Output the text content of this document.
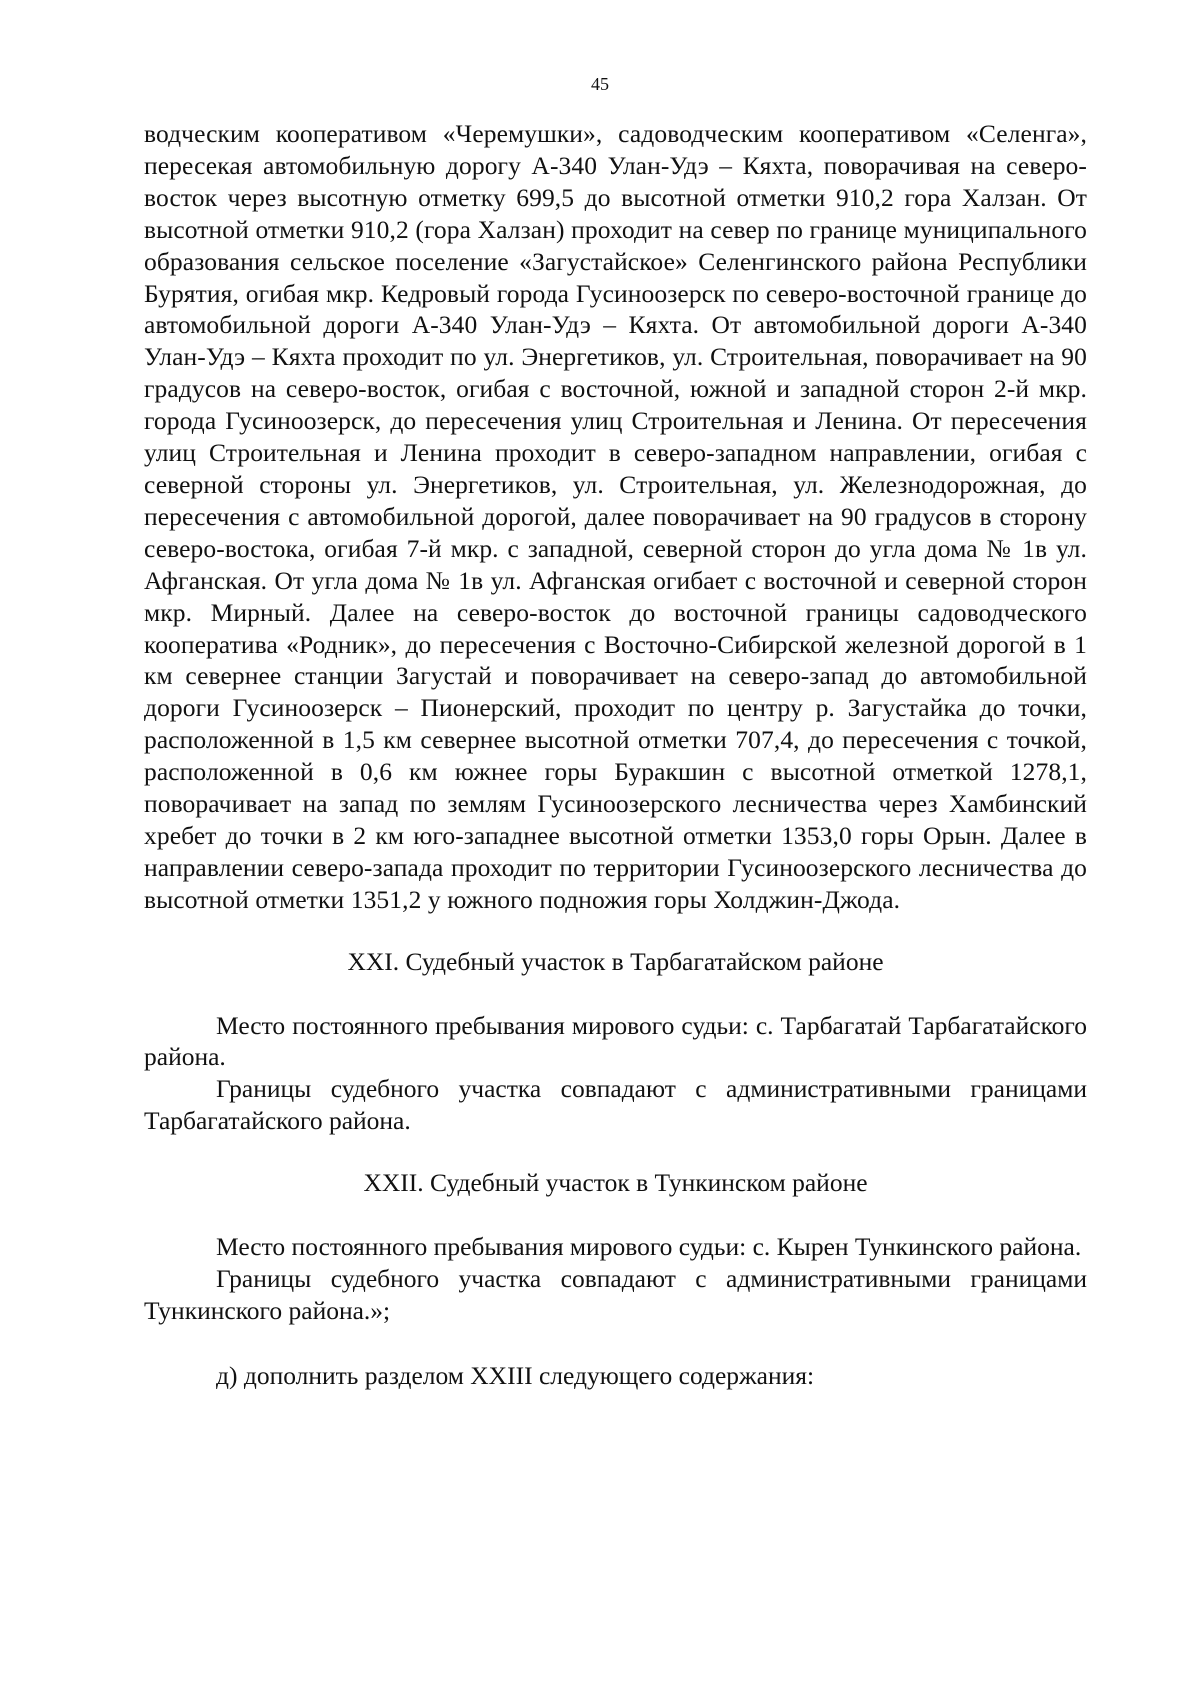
45

водческим кооперативом «Черемушки», садоводческим кооперативом «Селенга», пересекая автомобильную дорогу А-340 Улан-Удэ – Кяхта, поворачивая на северо-восток через высотную отметку 699,5 до высотной отметки 910,2 гора Халзан. От высотной отметки 910,2 (гора Халзан) проходит на север по границе муниципального образования сельское поселение «Загустайское» Селенгинского района Республики Бурятия, огибая мкр. Кедровый города Гусиноозерск по северо-восточной границе до автомобильной дороги А-340 Улан-Удэ – Кяхта. От автомобильной дороги А-340 Улан-Удэ – Кяхта проходит по ул. Энергетиков, ул. Строительная, поворачивает на 90 градусов на северо-восток, огибая с восточной, южной и западной сторон 2-й мкр. города Гусиноозерск, до пересечения улиц Строительная и Ленина. От пересечения улиц Строительная и Ленина проходит в северо-западном направлении, огибая с северной стороны ул. Энергетиков, ул. Строительная, ул. Железнодорожная, до пересечения с автомобильной дорогой, далее поворачивает на 90 градусов в сторону северо-востока, огибая 7-й мкр. с западной, северной сторон до угла дома № 1в ул. Афганская. От угла дома № 1в ул. Афганская огибает с восточной и северной сторон мкр. Мирный. Далее на северо-восток до восточной границы садоводческого кооператива «Родник», до пересечения с Восточно-Сибирской железной дорогой в 1 км севернее станции Загустай и поворачивает на северо-запад до автомобильной дороги Гусиноозерск – Пионерский, проходит по центру р. Загустайка до точки, расположенной в 1,5 км севернее высотной отметки 707,4, до пересечения с точкой, расположенной в 0,6 км южнее горы Буракшин с высотной отметкой 1278,1, поворачивает на запад по землям Гусиноозерского лесничества через Хамбинский хребет до точки в 2 км юго-западнее высотной отметки 1353,0 горы Орын. Далее в направлении северо-запада проходит по территории Гусиноозерского лесничества до высотной отметки 1351,2 у южного подножия горы Холджин-Джода.

XXI. Судебный участок в Тарбагатайском районе

Место постоянного пребывания мирового судьи: с. Тарбагатай Тарбагатайского района.

Границы судебного участка совпадают с административными границами Тарбагатайского района.

XXII. Судебный участок в Тункинском районе

Место постоянного пребывания мирового судьи: с. Кырен Тункинского района.

Границы судебного участка совпадают с административными границами Тункинского района.»;

д) дополнить разделом XXIII следующего содержания:
